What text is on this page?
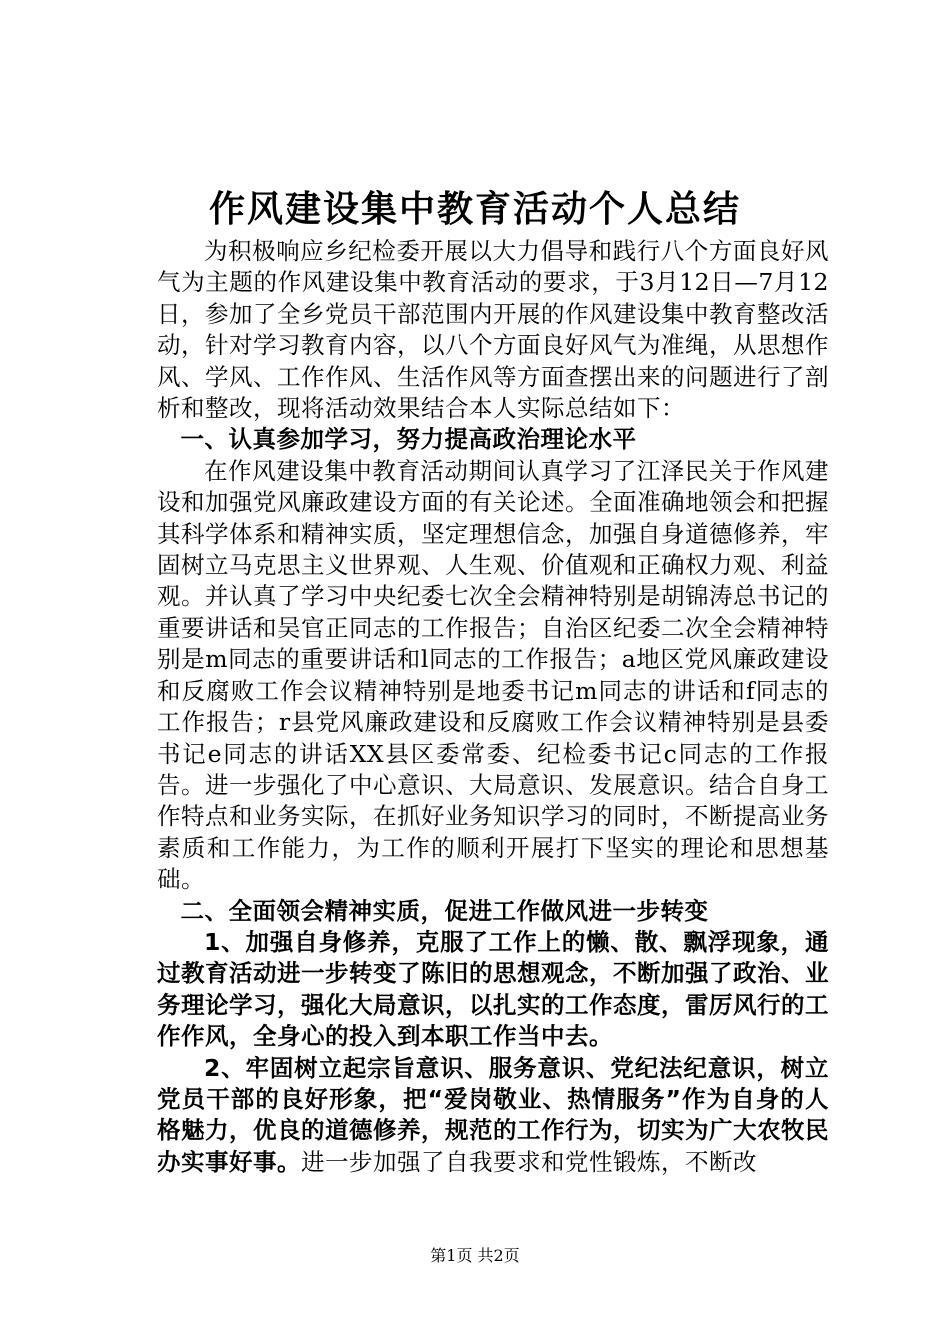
作风建设集中教育活动个人总结

为积极响应乡纪检委开展以大力倡导和践行八个方面良好风气为主题的作风建设集中教育活动的要求，于3月12日—7月12日，参加了全乡党员干部范围内开展的作风建设集中教育整改活动，针对学习教育内容，以八个方面良好风气为准绳，从思想作风、学风、工作作风、生活作风等方面查摆出来的问题进行了剖析和整改，现将活动效果结合本人实际总结如下：

一、认真参加学习，努力提高政治理论水平

在作风建设集中教育活动期间认真学习了江泽民关于作风建设和加强党风廉政建设方面的有关论述。全面准确地领会和把握其科学体系和精神实质，坚定理想信念，加强自身道德修养，牢固树立马克思主义世界观、人生观、价值观和正确权力观、利益观。并认真了学习中央纪委七次全会精神特别是胡锦涛总书记的重要讲话和吴官正同志的工作报告；自治区纪委二次全会精神特别是m同志的重要讲话和l同志的工作报告；a地区党风廉政建设和反腐败工作会议精神特别是地委书记m同志的讲话和f同志的工作报告；r县党风廉政建设和反腐败工作会议精神特别是县委书记e同志的讲话XX县区委常委、纪检委书记c同志的工作报告。进一步强化了中心意识、大局意识、发展意识。结合自身工作特点和业务实际，在抓好业务知识学习的同时，不断提高业务素质和工作能力，为工作的顺利开展打下坚实的理论和思想基础。

二、全面领会精神实质，促进工作做风进一步转变

1、加强自身修养，克服了工作上的懒、散、飘浮现象，通过教育活动进一步转变了陈旧的思想观念，不断加强了政治、业务理论学习，强化大局意识，以扎实的工作态度，雷厉风行的工作作风，全身心的投入到本职工作当中去。

2、牢固树立起宗旨意识、服务意识、党纪法纪意识，树立党员干部的良好形象，把“爱岗敬业、热情服务”作为自身的人格魅力，优良的道德修养，规范的工作行为，切实为广大农牧民办实事好事。进一步加强了自我要求和党性锻炼，不断改

第1页 共2页
